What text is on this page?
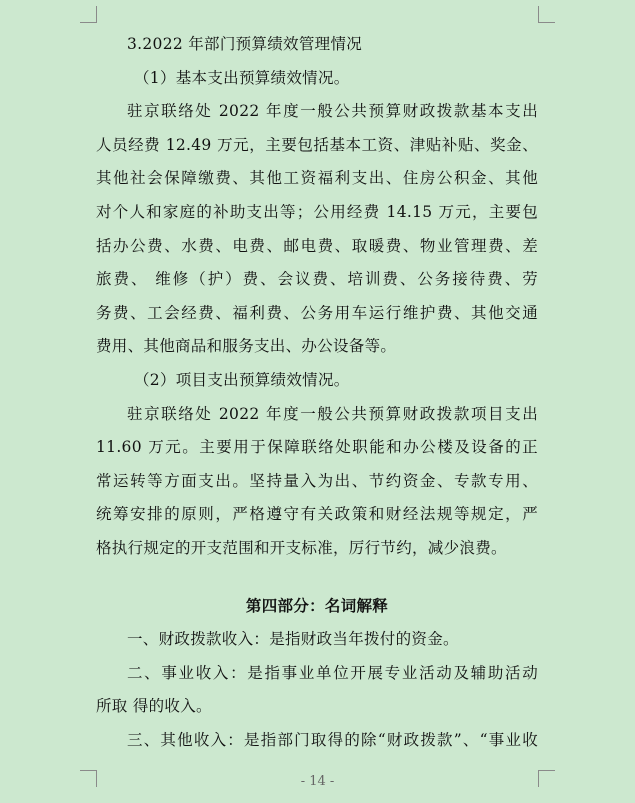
3.2022 年部门预算绩效管理情况
（1）基本支出预算绩效情况。
驻京联络处 2022 年度一般公共预算财政拨款基本支出
人员经费 12.49 万元，主要包括基本工资、津贴补贴、奖金、
其他社会保障缴费、其他工资福利支出、住房公积金、其他
对个人和家庭的补助支出等；公用经费 14.15 万元，主要包
括办公费、水费、电费、邮电费、取暖费、物业管理费、差
旅费、 维修（护）费、会议费、培训费、公务接待费、劳
务费、工会经费、福利费、公务用车运行维护费、其他交通
费用、其他商品和服务支出、办公设备等。
（2）项目支出预算绩效情况。
驻京联络处 2022 年度一般公共预算财政拨款项目支出
11.60 万元。主要用于保障联络处职能和办公楼及设备的正
常运转等方面支出。坚持量入为出、节约资金、专款专用、
统筹安排的原则，严格遵守有关政策和财经法规等规定，严
格执行规定的开支范围和开支标准，厉行节约，减少浪费。
第四部分：名词解释
一、财政拨款收入：是指财政当年拨付的资金。
二、事业收入：是指事业单位开展专业活动及辅助活动
所取 得的收入。
三、其他收入：是指部门取得的除“财政拨款”、“事业收
- 14 -
